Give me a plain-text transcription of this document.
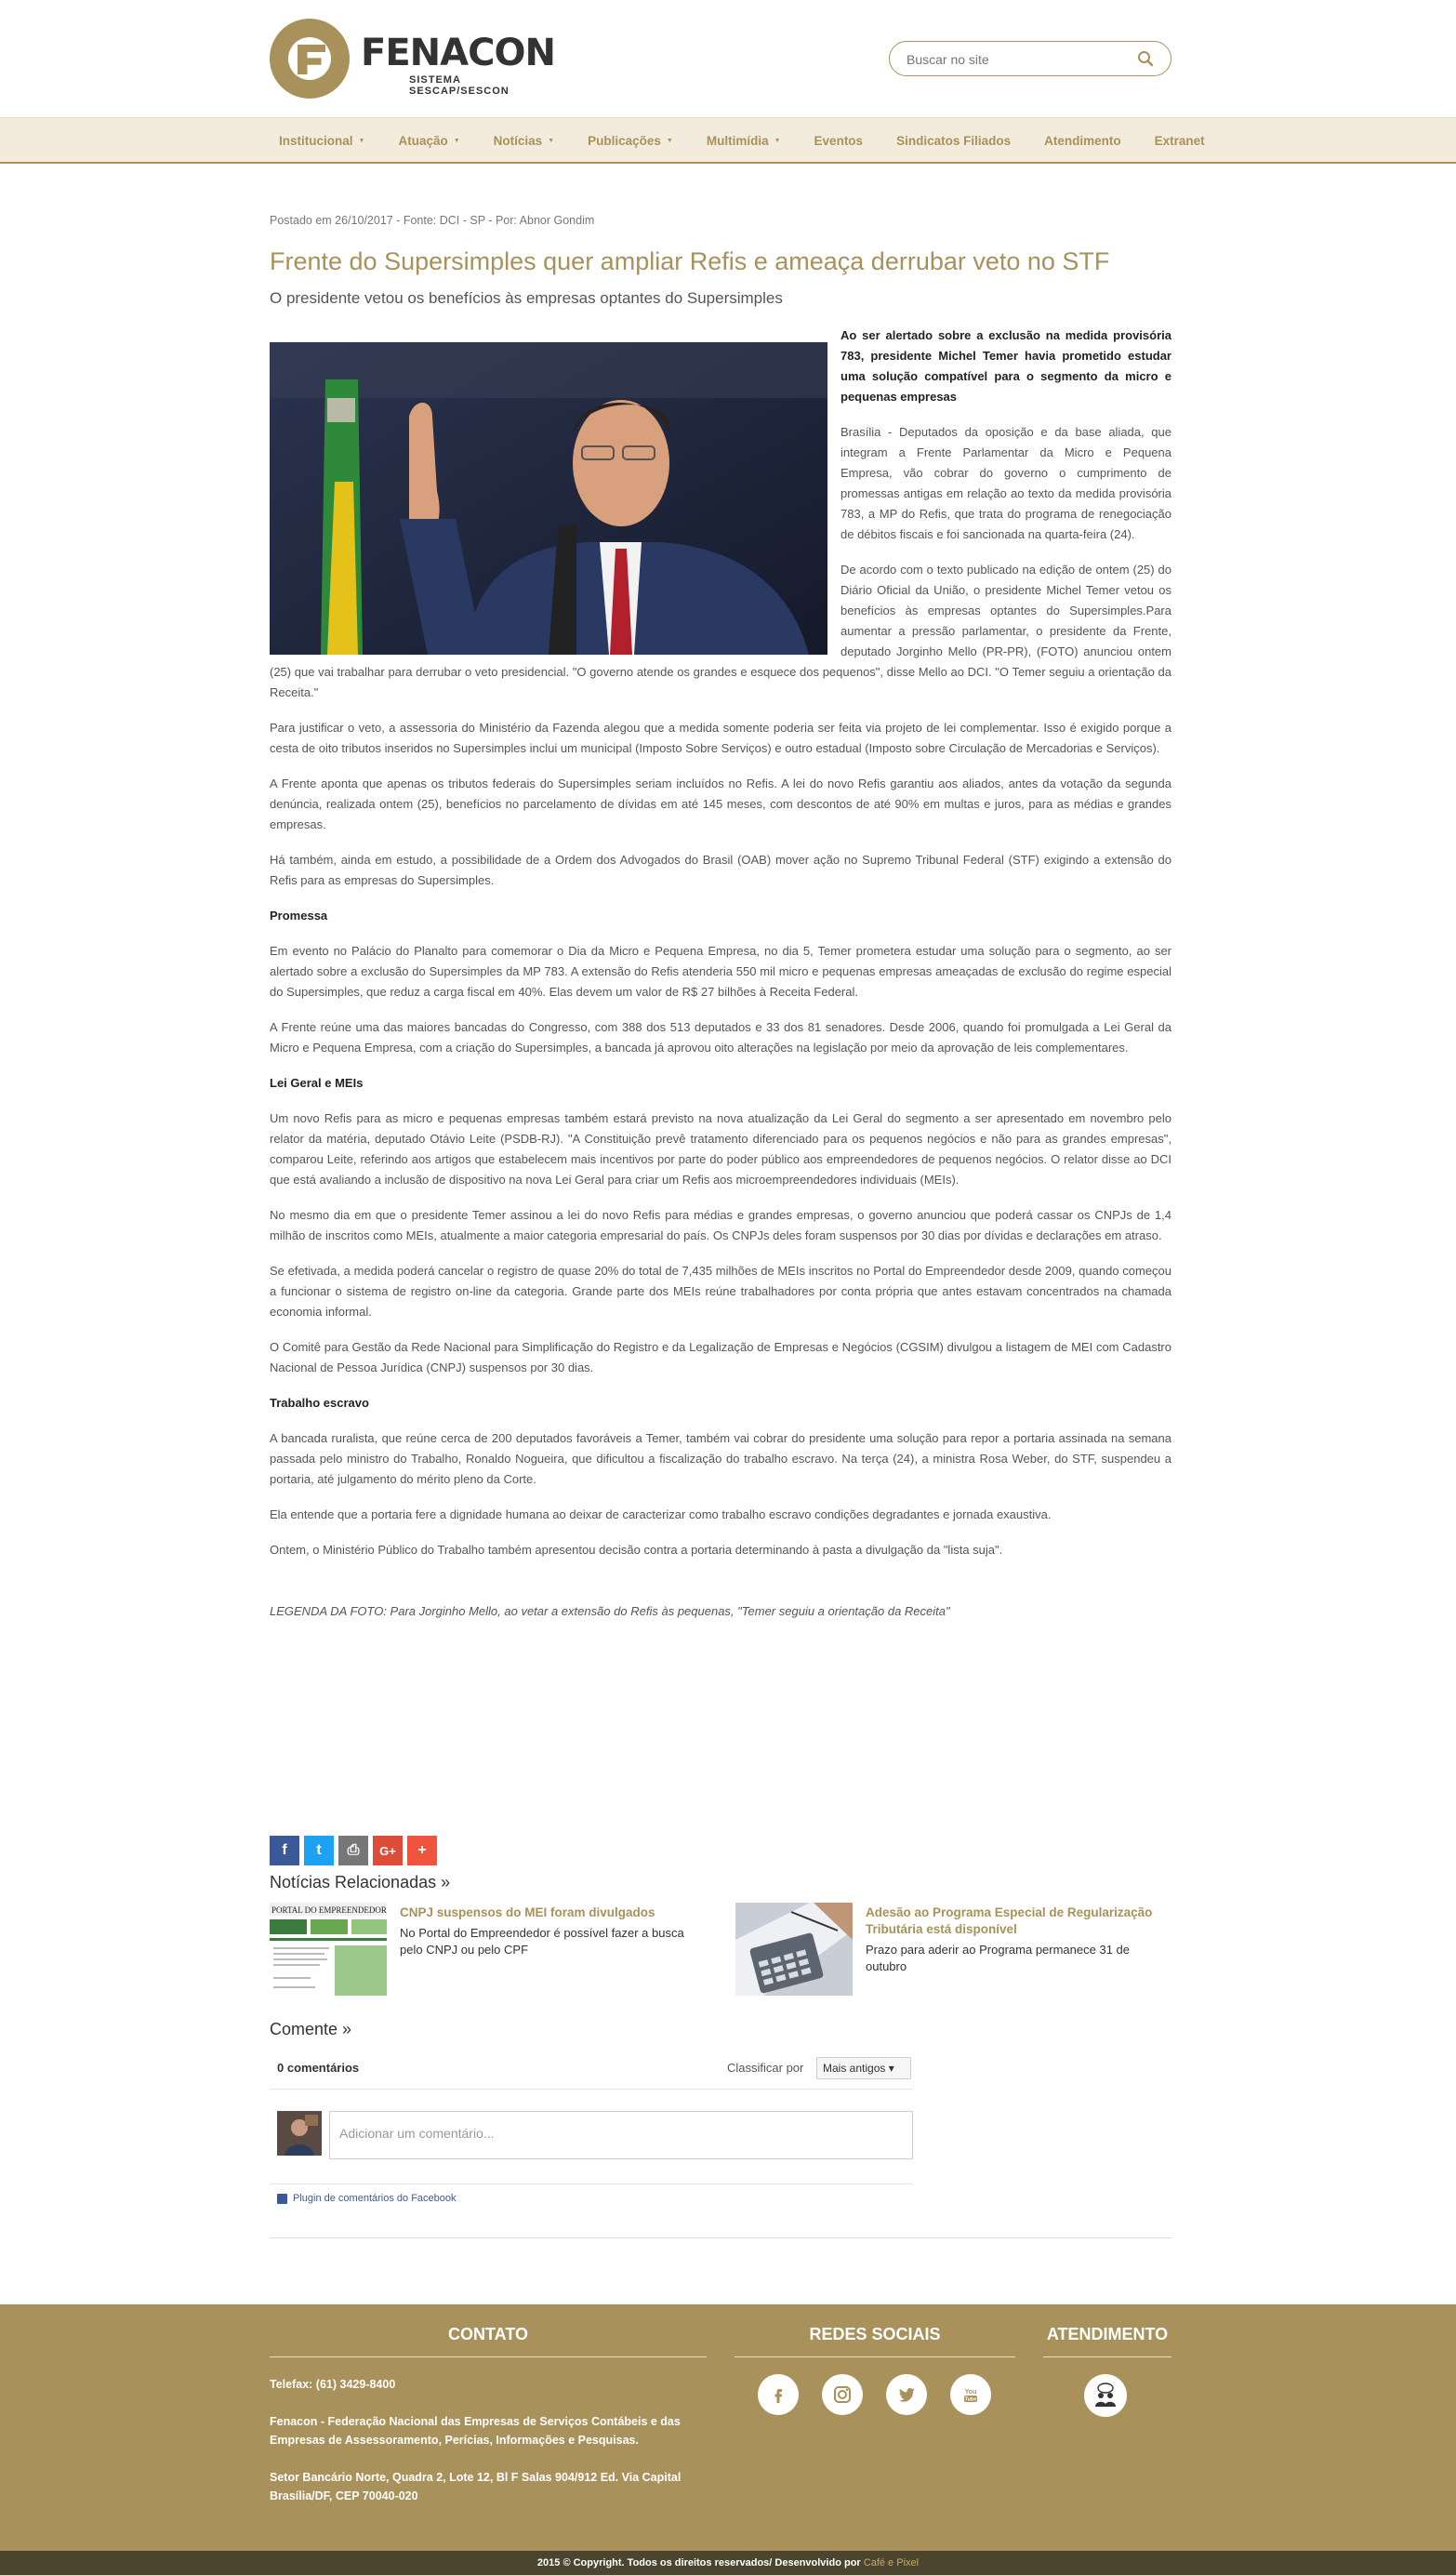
FENACON
SISTEMA SESCAP/SESCON
Buscar no site
Institucional ▼	Atuação ▼	Notícias ▼	Publicações ▼	Multimídia ▼	Eventos	Sindicatos Filiados	Atendimento	Extranet
Postado em 26/10/2017 - Fonte: DCI - SP - Por: Abnor Gondim
Frente do Supersimples quer ampliar Refis e ameaça derrubar veto no STF
O presidente vetou os benefícios às empresas optantes do Supersimples

Ao ser alertado sobre a exclusão na medida provisória 783, presidente Michel Temer havia prometido estudar uma solução compatível para o segmento da micro e pequenas empresas

Brasília - Deputados da oposição e da base aliada, que integram a Frente Parlamentar da Micro e Pequena Empresa, vão cobrar do governo o cumprimento de promessas antigas em relação ao texto da medida provisória 783, a MP do Refis, que trata do programa de renegociação de débitos fiscais e foi sancionada na quarta-feira (24).

De acordo com o texto publicado na edição de ontem (25) do Diário Oficial da União, o presidente Michel Temer vetou os benefícios às empresas optantes do Supersimples.Para aumentar a pressão parlamentar, o presidente da Frente, deputado Jorginho Mello (PR-PR), (FOTO) anunciou ontem (25) que vai trabalhar para derrubar o veto presidencial. "O governo atende os grandes e esquece dos pequenos", disse Mello ao DCI. "O Temer seguiu a orientação da Receita."

Para justificar o veto, a assessoria do Ministério da Fazenda alegou que a medida somente poderia ser feita via projeto de lei complementar. Isso é exigido porque a cesta de oito tributos inseridos no Supersimples inclui um municipal (Imposto Sobre Serviços) e outro estadual (Imposto sobre Circulação de Mercadorias e Serviços).

A Frente aponta que apenas os tributos federais do Supersimples seriam incluídos no Refis. A lei do novo Refis garantiu aos aliados, antes da votação da segunda denúncia, realizada ontem (25), benefícios no parcelamento de dívidas em até 145 meses, com descontos de até 90% em multas e juros, para as médias e grandes empresas.

Há também, ainda em estudo, a possibilidade de a Ordem dos Advogados do Brasil (OAB) mover ação no Supremo Tribunal Federal (STF) exigindo a extensão do Refis para as empresas do Supersimples.

Promessa

Em evento no Palácio do Planalto para comemorar o Dia da Micro e Pequena Empresa, no dia 5, Temer prometera estudar uma solução para o segmento, ao ser alertado sobre a exclusão do Supersimples da MP 783. A extensão do Refis atenderia 550 mil micro e pequenas empresas ameaçadas de exclusão do regime especial do Supersimples, que reduz a carga fiscal em 40%. Elas devem um valor de R$ 27 bilhões à Receita Federal.

A Frente reúne uma das maiores bancadas do Congresso, com 388 dos 513 deputados e 33 dos 81 senadores. Desde 2006, quando foi promulgada a Lei Geral da Micro e Pequena Empresa, com a criação do Supersimples, a bancada já aprovou oito alterações na legislação por meio da aprovação de leis complementares.

Lei Geral e MEIs

Um novo Refis para as micro e pequenas empresas também estará previsto na nova atualização da Lei Geral do segmento a ser apresentado em novembro pelo relator da matéria, deputado Otávio Leite (PSDB-RJ). "A Constituição prevê tratamento diferenciado para os pequenos negócios e não para as grandes empresas", comparou Leite, referindo aos artigos que estabelecem mais incentivos por parte do poder público aos empreendedores de pequenos negócios. O relator disse ao DCI que está avaliando a inclusão de dispositivo na nova Lei Geral para criar um Refis aos microempreendedores individuais (MEIs).

No mesmo dia em que o presidente Temer assinou a lei do novo Refis para médias e grandes empresas, o governo anunciou que poderá cassar os CNPJs de 1,4 milhão de inscritos como MEIs, atualmente a maior categoria empresarial do país. Os CNPJs deles foram suspensos por 30 dias por dívidas e declarações em atraso.

Se efetivada, a medida poderá cancelar o registro de quase 20% do total de 7,435 milhões de MEIs inscritos no Portal do Empreendedor desde 2009, quando começou a funcionar o sistema de registro on-line da categoria. Grande parte dos MEIs reúne trabalhadores por conta própria que antes estavam concentrados na chamada economia informal.

O Comitê para Gestão da Rede Nacional para Simplificação do Registro e da Legalização de Empresas e Negócios (CGSIM) divulgou a listagem de MEI com Cadastro Nacional de Pessoa Jurídica (CNPJ) suspensos por 30 dias.

Trabalho escravo

A bancada ruralista, que reúne cerca de 200 deputados favoráveis a Temer, também vai cobrar do presidente uma solução para repor a portaria assinada na semana passada pelo ministro do Trabalho, Ronaldo Nogueira, que dificultou a fiscalização do trabalho escravo. Na terça (24), a ministra Rosa Weber, do STF, suspendeu a portaria, até julgamento do mérito pleno da Corte.

Ela entende que a portaria fere a dignidade humana ao deixar de caracterizar como trabalho escravo condições degradantes e jornada exaustiva.

Ontem, o Ministério Público do Trabalho também apresentou decisão contra a portaria determinando à pasta a divulgação da "lista suja".

LEGENDA DA FOTO: Para Jorginho Mello, ao vetar a extensão do Refis às pequenas, "Temer seguiu a orientação da Receita"

f	t	⎙	G+	+
Notícias Relacionadas »
PORTAL DO EMPREENDEDOR CNPJ suspensos do MEI foram divulgados
No Portal do Empreendedor é possível fazer a busca pelo CNPJ ou pelo CPF
Adesão ao Programa Especial de Regularização Tributária está disponível
Prazo para aderir ao Programa permanece 31 de outubro
Comente »
0 comentários	Classificar por	Mais antigos ▾
Adicionar um comentário...
Plugin de comentários do Facebook
CONTATO
Telefax: (61) 3429-8400
Fenacon - Federação Nacional das Empresas de Serviços Contábeis e das Empresas de Assessoramento, Perícias, Informações e Pesquisas.
Setor Bancário Norte, Quadra 2, Lote 12, Bl F Salas 904/912 Ed. Via Capital Brasília/DF, CEP 70040-020
REDES SOCIAIS
You
Tube
ATENDIMENTO
2015 © Copyright. Todos os direitos reservados/ Desenvolvido por Café e Pixel
